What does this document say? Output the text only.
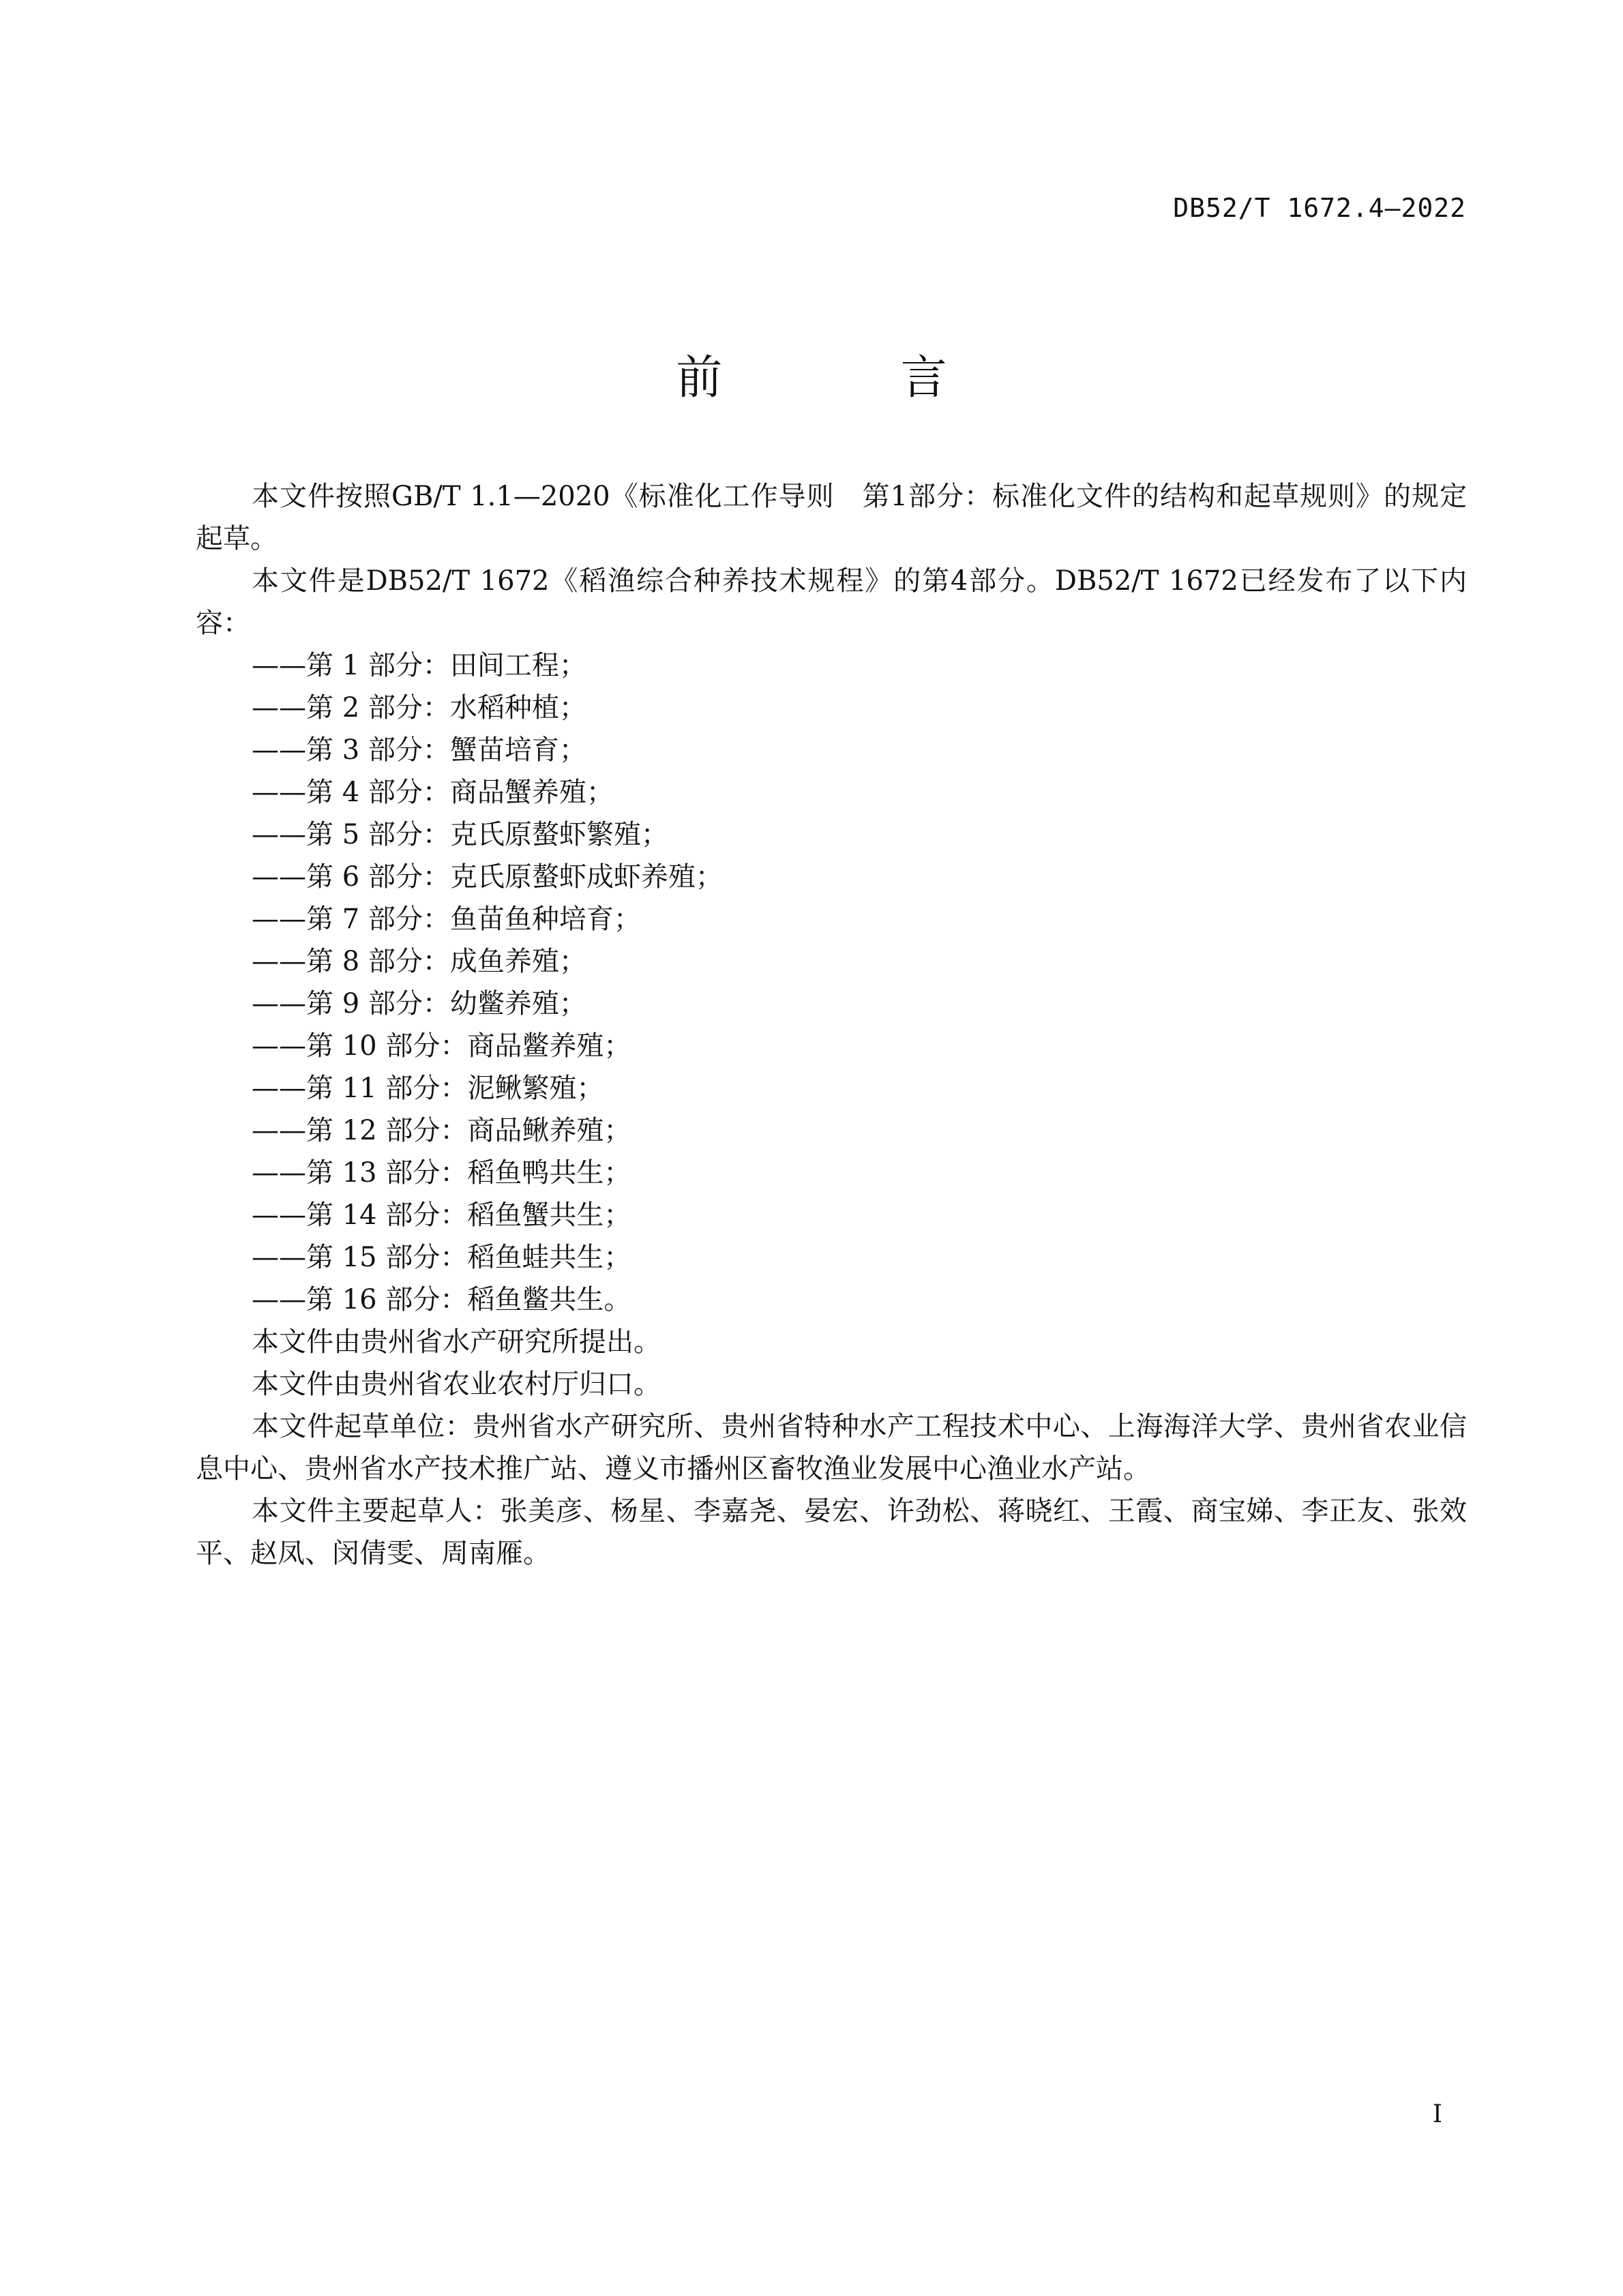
DB52/T 1672.4—2022
前 言

本文件按照GB/T 1.1—2020《标准化工作导则　第1部分：标准化文件的结构和起草规则》的规定起草。

本文件是DB52/T 1672《稻渔综合种养技术规程》的第4部分。DB52/T 1672已经发布了以下内容：

——第 1 部分：田间工程；
——第 2 部分：水稻种植；
——第 3 部分：蟹苗培育；
——第 4 部分：商品蟹养殖；
——第 5 部分：克氏原螯虾繁殖；
——第 6 部分：克氏原螯虾成虾养殖；
——第 7 部分：鱼苗鱼种培育；
——第 8 部分：成鱼养殖；
——第 9 部分：幼鳖养殖；
——第 10 部分：商品鳖养殖；
——第 11 部分：泥鳅繁殖；
——第 12 部分：商品鳅养殖；
——第 13 部分：稻鱼鸭共生；
——第 14 部分：稻鱼蟹共生；
——第 15 部分：稻鱼蛙共生；
——第 16 部分：稻鱼鳖共生。

本文件由贵州省水产研究所提出。

本文件由贵州省农业农村厅归口。

本文件起草单位：贵州省水产研究所、贵州省特种水产工程技术中心、上海海洋大学、贵州省农业信息中心、贵州省水产技术推广站、遵义市播州区畜牧渔业发展中心渔业水产站。

本文件主要起草人：张美彦、杨星、李嘉尧、晏宏、许劲松、蒋晓红、王霞、商宝娣、李正友、张效平、赵凤、闵倩雯、周南雁。

I
